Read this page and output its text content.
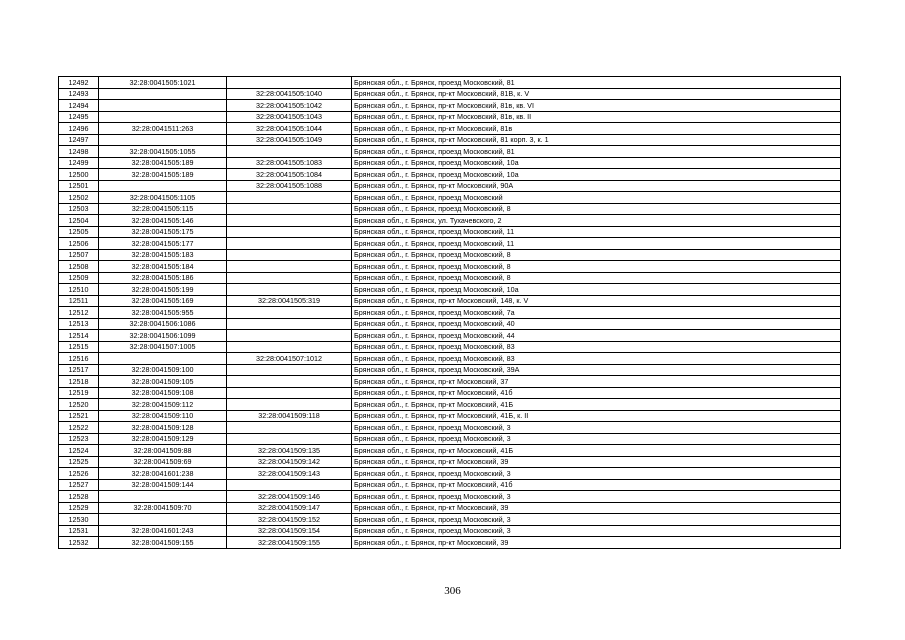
12492	32:28:0041505:1021		Брянская обл., г. Брянск, проезд Московский, 81
12493		32:28:0041505:1040	Брянская обл., г. Брянск, пр-кт Московский, 81В, к. V
12494		32:28:0041505:1042	Брянская обл., г. Брянск, пр-кт Московский, 81в, кв. VI
12495		32:28:0041505:1043	Брянская обл., г. Брянск, пр-кт Московский, 81в, кв. II
12496	32:28:0041511:263	32:28:0041505:1044	Брянская обл., г. Брянск, пр-кт Московский, 81в
12497		32:28:0041505:1049	Брянская обл., г. Брянск, пр-кт Московский, 81 корп. 3, к. 1
12498	32:28:0041505:1055		Брянская обл., г. Брянск, проезд Московский, 81
12499	32:28:0041505:189	32:28:0041505:1083	Брянская обл., г. Брянск, проезд Московский, 10а
12500	32:28:0041505:189	32:28:0041505:1084	Брянская обл., г. Брянск, проезд Московский, 10а
12501		32:28:0041505:1088	Брянская обл., г. Брянск, пр-кт Московский, 90А
12502	32:28:0041505:1105		Брянская обл., г. Брянск, проезд Московский
12503	32:28:0041505:115		Брянская обл., г. Брянск, проезд Московский, 8
12504	32:28:0041505:146		Брянская обл., г. Брянск, ул. Тухачевского, 2
12505	32:28:0041505:175		Брянская обл., г. Брянск, проезд Московский, 11
12506	32:28:0041505:177		Брянская обл., г. Брянск, проезд Московский, 11
12507	32:28:0041505:183		Брянская обл., г. Брянск, проезд Московский, 8
12508	32:28:0041505:184		Брянская обл., г. Брянск, проезд Московский, 8
12509	32:28:0041505:186		Брянская обл., г. Брянск, проезд Московский, 8
12510	32:28:0041505:199		Брянская обл., г. Брянск, проезд Московский, 10а
12511	32:28:0041505:169	32:28:0041505:319	Брянская обл., г. Брянск, пр-кт Московский, 148, к. V
12512	32:28:0041505:955		Брянская обл., г. Брянск, проезд Московский, 7а
12513	32:28:0041506:1086		Брянская обл., г. Брянск, проезд Московский, 40
12514	32:28:0041506:1099		Брянская обл., г. Брянск, проезд Московский, 44
12515	32:28:0041507:1005		Брянская обл., г. Брянск, проезд Московский, 83
12516		32:28:0041507:1012	Брянская обл., г. Брянск, проезд Московский, 83
12517	32:28:0041509:100		Брянская обл., г. Брянск, проезд Московский, 39А
12518	32:28:0041509:105		Брянская обл., г. Брянск, пр-кт Московский, 37
12519	32:28:0041509:108		Брянская обл., г. Брянск, пр-кт Московский, 41б
12520	32:28:0041509:112		Брянская обл., г. Брянск, пр-кт Московский, 41Б
12521	32:28:0041509:110	32:28:0041509:118	Брянская обл., г. Брянск, пр-кт Московский, 41Б, к. II
12522	32:28:0041509:128		Брянская обл., г. Брянск, проезд Московский, 3
12523	32:28:0041509:129		Брянская обл., г. Брянск, проезд Московский, 3
12524	32:28:0041509:88	32:28:0041509:135	Брянская обл., г. Брянск, пр-кт Московский, 41Б
12525	32:28:0041509:69	32:28:0041509:142	Брянская обл., г. Брянск, пр-кт Московский, 39
12526	32:28:0041601:238	32:28:0041509:143	Брянская обл., г. Брянск, проезд Московский, 3
12527	32:28:0041509:144		Брянская обл., г. Брянск, пр-кт Московский, 41б
12528		32:28:0041509:146	Брянская обл., г. Брянск, проезд Московский, 3
12529	32:28:0041509:70	32:28:0041509:147	Брянская обл., г. Брянск, пр-кт Московский, 39
12530		32:28:0041509:152	Брянская обл., г. Брянск, проезд Московский, 3
12531	32:28:0041601:243	32:28:0041509:154	Брянская обл., г. Брянск, проезд Московский, 3
12532	32:28:0041509:155	32:28:0041509:155	Брянская обл., г. Брянск, пр-кт Московский, 39
306
